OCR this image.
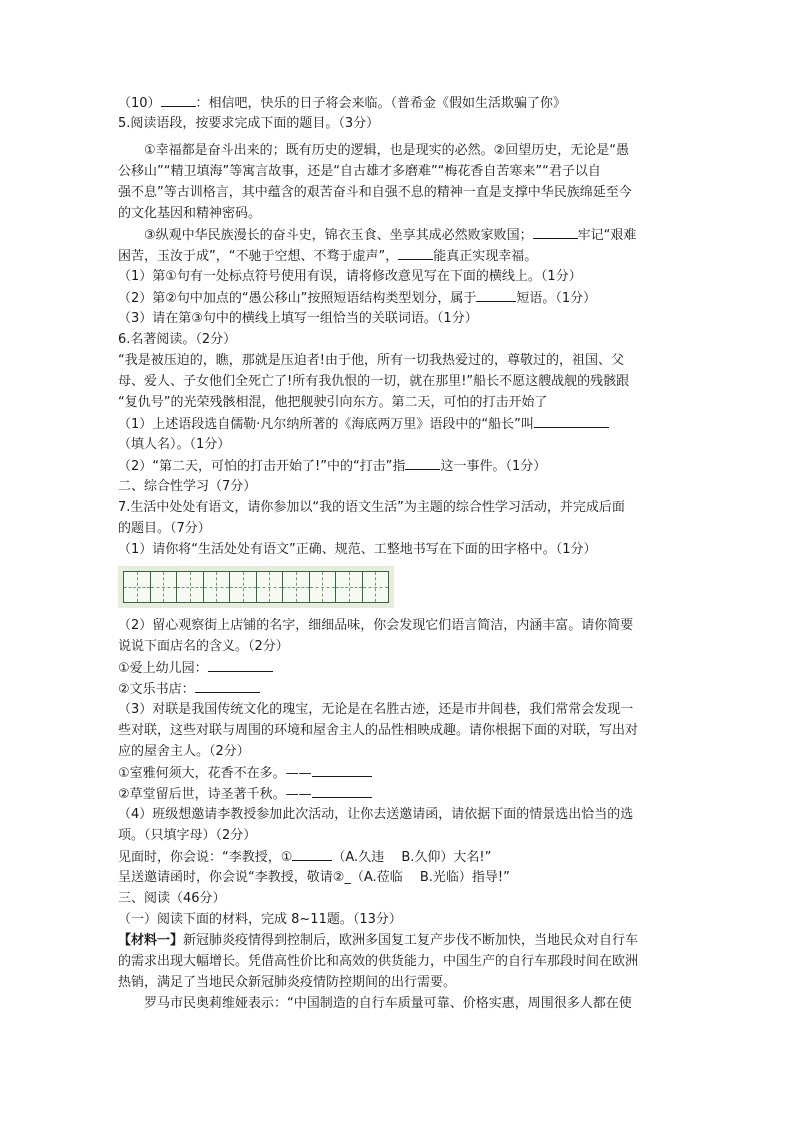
（10）	：相信吧，快乐的日子将会来临。（普希金《假如生活欺骗了你》
5.阅读语段，按要求完成下面的题目。（3分）
①幸福都是奋斗出来的；既有历史的逻辑，也是现实的必然。②回望历史，无论是“愚
公移山”“精卫填海”等寓言故事，还是“自古雄才多磨难”“梅花香自苦寒来”“君子以自
强不息”等古训格言，其中蕴含的艰苦奋斗和自强不息的精神一直是支撑中华民族绵延至今
的文化基因和精神密码。
③纵观中华民族漫长的奋斗史，锦衣玉食、坐享其成必然败家败国；	牢记“艰难
困苦，玉汝于成”，“不驰于空想、不骛于虚声”，	能真正实现幸福。
（1）第①句有一处标点符号使用有误，请将修改意见写在下面的横线上。（1分）
（2）第②句中加点的“愚公移山”按照短语结构类型划分，属于	短语。（1分）
（3）请在第③句中的横线上填写一组恰当的关联词语。（1分）
6.名著阅读。（2分）
“我是被压迫的，瞧，那就是压迫者!由于他，所有一切我热爱过的，尊敬过的，祖国、父
母、爱人、子女他们全死亡了!所有我仇恨的一切，就在那里!”船长不愿这艘战舰的残骸跟
“复仇号”的光荣残骸相混，他把舰驶引向东方。第二天，可怕的打击开始了
（1）上述语段选自儒勒·凡尔纳所著的《海底两万里》语段中的“船长”叫
（填人名）。（1分）
（2）“第二天，可怕的打击开始了!”中的“打击”指	这一事件。（1分）
二、综合性学习（7分）
7.生活中处处有语文，请你参加以“我的语文生活”为主题的综合性学习活动，并完成后面
的题目。（7分）
（1）请你将“生活处处有语文”正确、规范、工整地书写在下面的田字格中。（1分）
（2）留心观察街上店铺的名字，细细品味，你会发现它们语言简洁，内涵丰富。请你简要
说说下面店名的含义。（2分）
①爱上幼儿园：
②文乐书店：
（3）对联是我国传统文化的瑰宝，无论是在名胜古迹，还是市井闾巷，我们常常会发现一
些对联，这些对联与周围的环境和屋舍主人的品性相映成趣。请你根据下面的对联，写出对
应的屋舍主人。（2分）
①室雅何须大，花香不在多。——
②草堂留后世，诗圣著千秋。——
（4）班级想邀请李教授参加此次活动，让你去送邀请函，请依据下面的情景选出恰当的选
项。（只填字母）（2分）
见面时，你会说：“李教授，①	（A.久违　 B.久仰）大名!”
呈送邀请函时，你会说“李教授，敬请②_（A.莅临　 B.光临）指导!”
三、阅读（46分）
（一）阅读下面的材料，完成 8~11题。（13分）
【材料一】新冠肺炎疫情得到控制后，欧洲多国复工复产步伐不断加快，当地民众对自行车
的需求出现大幅增长。凭借高性价比和高效的供货能力，中国生产的自行车那段时间在欧洲
热销，满足了当地民众新冠肺炎疫情防控期间的出行需要。
罗马市民奥莉维娅表示：“中国制造的自行车质量可靠、价格实惠，周围很多人都在使
